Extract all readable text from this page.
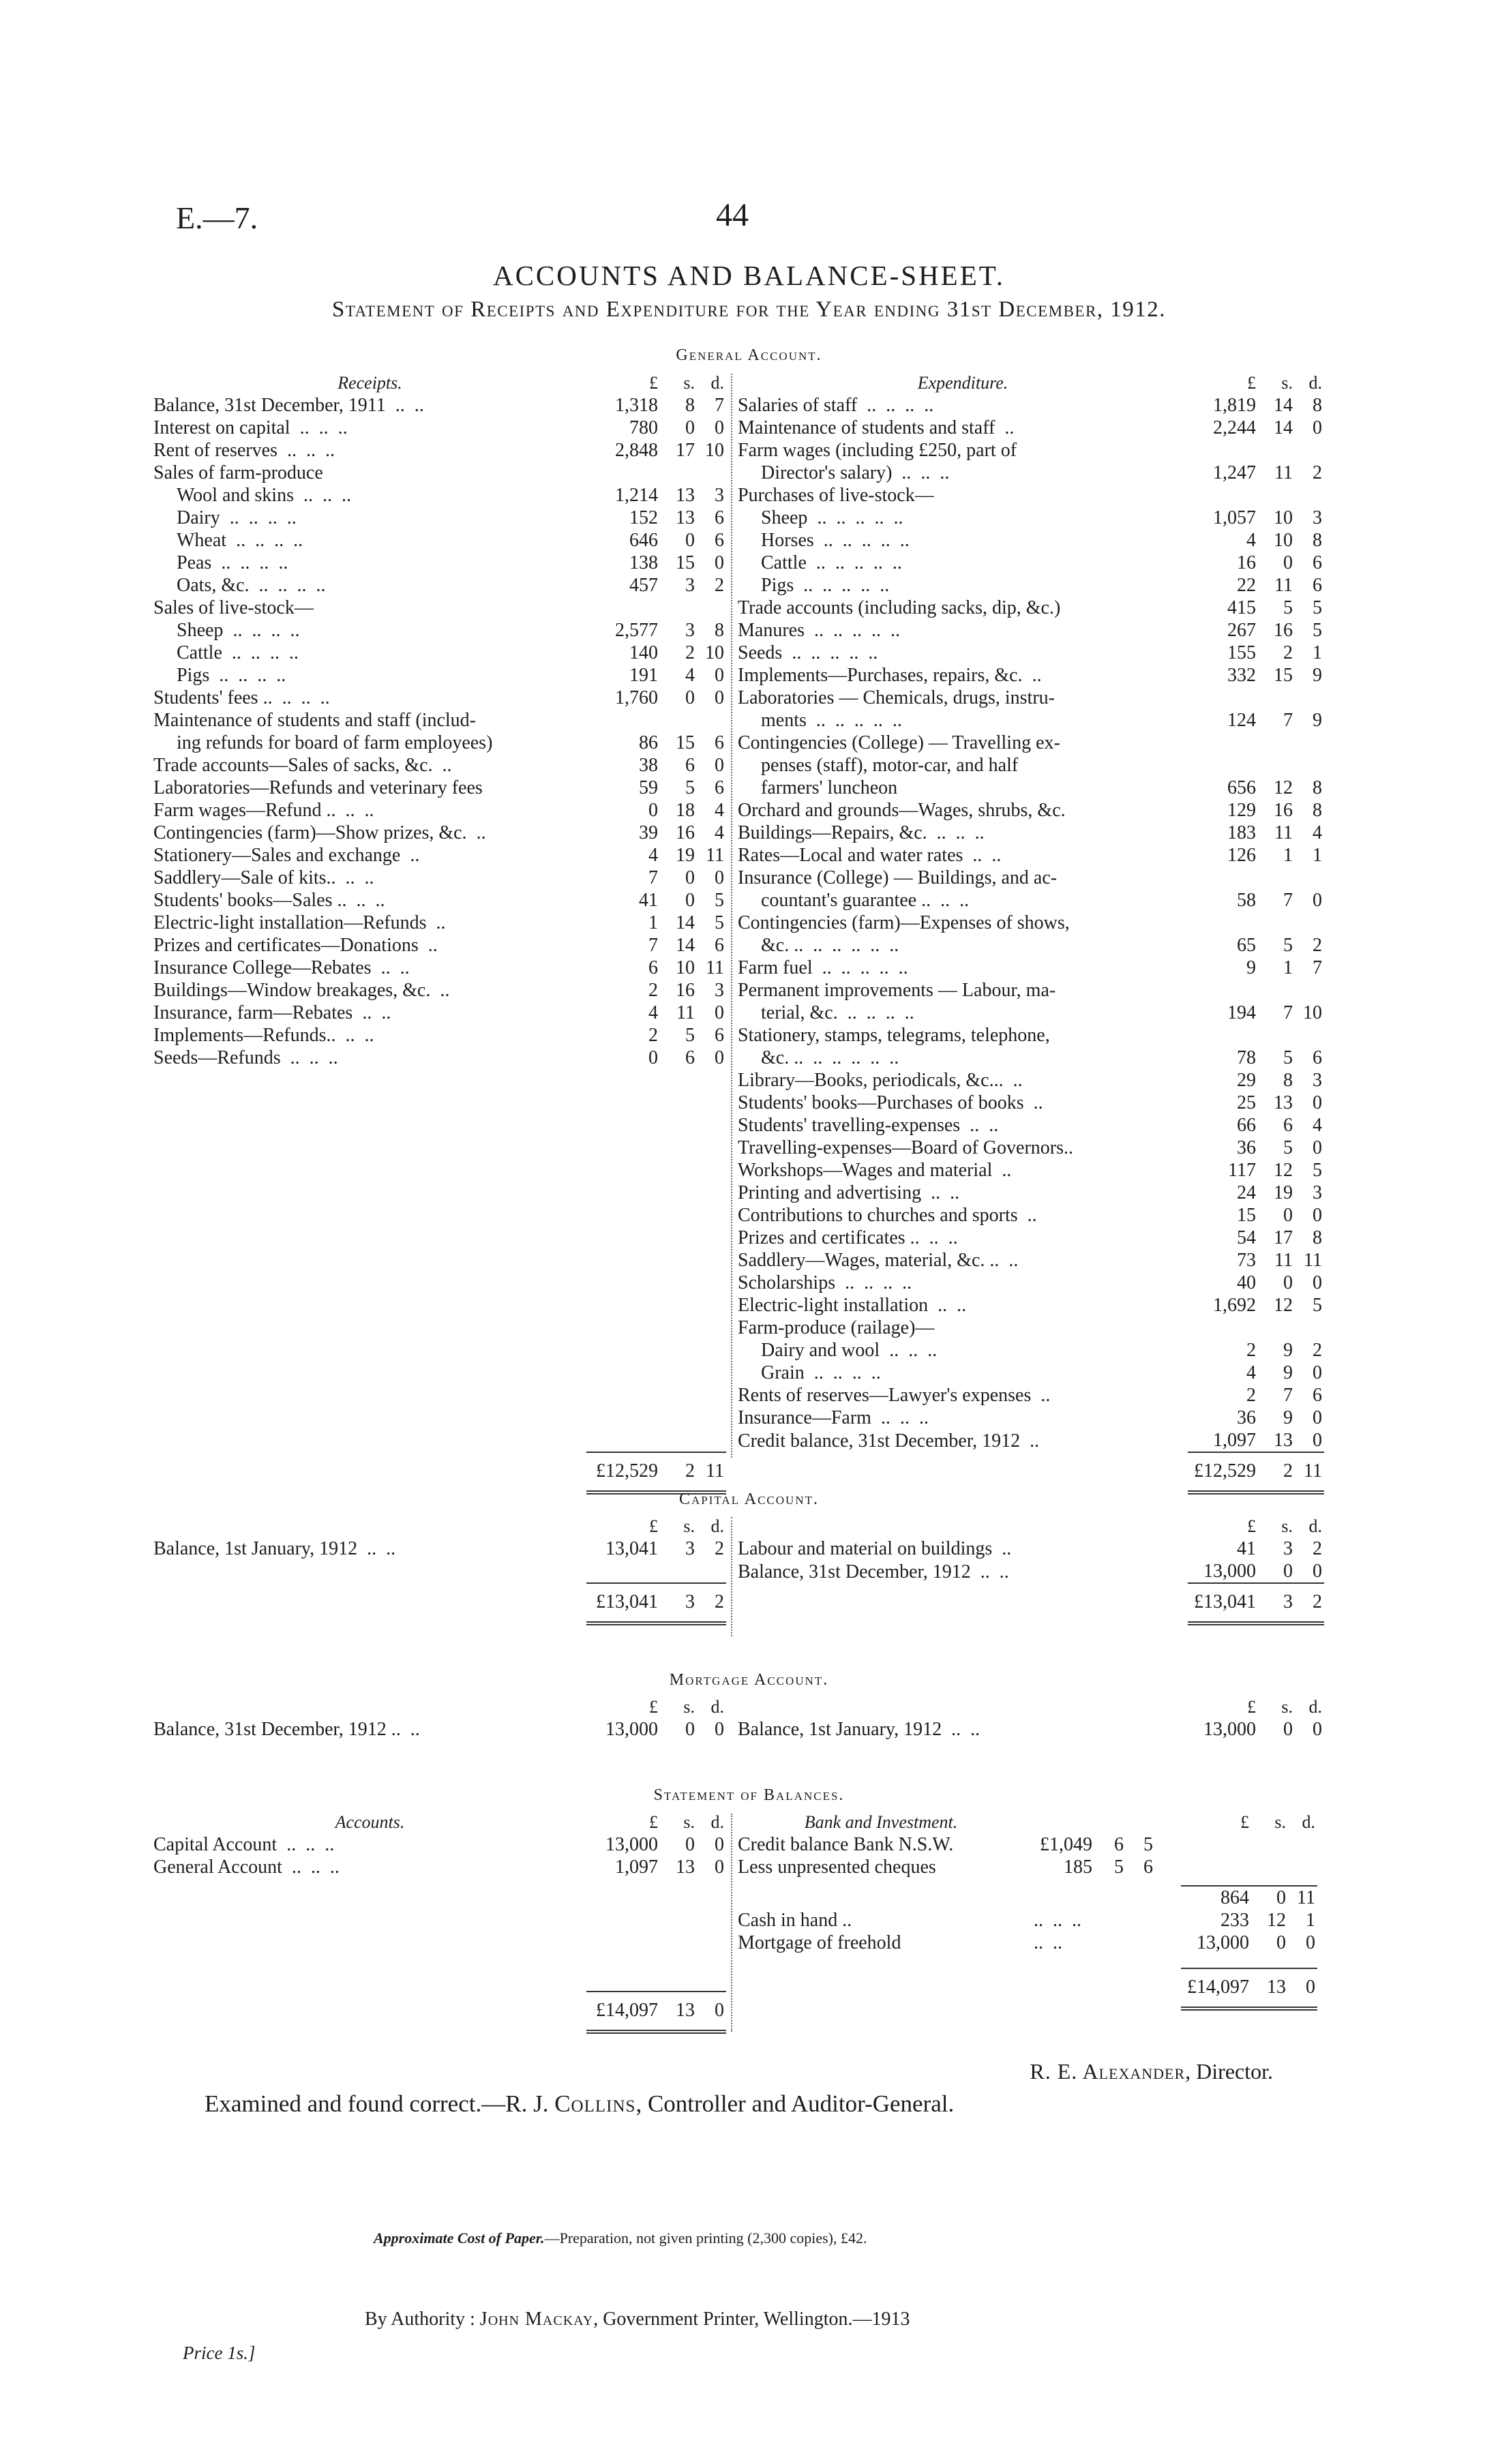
E.—7.	44
ACCOUNTS AND BALANCE-SHEET.
Statement of Receipts and Expenditure for the Year ending 31st December, 1912.
General Account.
Receipts.	£	s.	d.
Balance, 31st December, 1911  ..  ..	1,318	8	7
Interest on capital  ..  ..  ..	780	0	0
Rent of reserves  ..  ..  ..	2,848	17	10
Sales of farm-produce			
Wool and skins  ..  ..  ..	1,214	13	3
Dairy  ..  ..  ..  ..	152	13	6
Wheat  ..  ..  ..  ..	646	0	6
Peas  ..  ..  ..  ..	138	15	0
Oats, &c.  ..  ..  ..  ..	457	3	2
Sales of live-stock—			
Sheep  ..  ..  ..  ..	2,577	3	8
Cattle  ..  ..  ..  ..	140	2	10
Pigs  ..  ..  ..  ..	191	4	0
Students' fees ..  ..  ..  ..	1,760	0	0
Maintenance of students and staff (includ-			
ing refunds for board of farm employees)	86	15	6
Trade accounts—Sales of sacks, &c.  ..	38	6	0
Laboratories—Refunds and veterinary fees	59	5	6
Farm wages—Refund ..  ..  ..	0	18	4
Contingencies (farm)—Show prizes, &c.  ..	39	16	4
Stationery—Sales and exchange  ..	4	19	11
Saddlery—Sale of kits..  ..  ..	7	0	0
Students' books—Sales ..  ..  ..	41	0	5
Electric-light installation—Refunds  ..	1	14	5
Prizes and certificates—Donations  ..	7	14	6
Insurance College—Rebates  ..  ..	6	10	11
Buildings—Window breakages, &c.  ..	2	16	3
Insurance, farm—Rebates  ..  ..	4	11	0
Implements—Refunds..  ..  ..	2	5	6
Seeds—Refunds  ..  ..  ..	0	6	0

	£12,529	2	11

Expenditure.	£	s.	d.
Salaries of staff  ..  ..  ..  ..	1,819	14	8
Maintenance of students and staff  ..	2,244	14	0
Farm wages (including £250, part of			
Director's salary)  ..  ..  ..	1,247	11	2
Purchases of live-stock—			
Sheep  ..  ..  ..  ..  ..	1,057	10	3
Horses  ..  ..  ..  ..  ..	4	10	8
Cattle  ..  ..  ..  ..  ..	16	0	6
Pigs  ..  ..  ..  ..  ..	22	11	6
Trade accounts (including sacks, dip, &c.)	415	5	5
Manures  ..  ..  ..  ..  ..	267	16	5
Seeds  ..  ..  ..  ..  ..	155	2	1
Implements—Purchases, repairs, &c.  ..	332	15	9
Laboratories — Chemicals, drugs, instru-			
ments  ..  ..  ..  ..  ..	124	7	9
Contingencies (College) — Travelling ex-			
penses (staff), motor-car, and half			
farmers' luncheon	656	12	8
Orchard and grounds—Wages, shrubs, &c.	129	16	8
Buildings—Repairs, &c.  ..  ..  ..	183	11	4
Rates—Local and water rates  ..  ..	126	1	1
Insurance (College) — Buildings, and ac-			
countant's guarantee ..  ..  ..	58	7	0
Contingencies (farm)—Expenses of shows,			
&c. ..  ..  ..  ..  ..  ..	65	5	2
Farm fuel  ..  ..  ..  ..  ..	9	1	7
Permanent improvements — Labour, ma-			
terial, &c.  ..  ..  ..  ..	194	7	10
Stationery, stamps, telegrams, telephone,			
&c. ..  ..  ..  ..  ..  ..	78	5	6
Library—Books, periodicals, &c...  ..	29	8	3
Students' books—Purchases of books  ..	25	13	0
Students' travelling-expenses  ..  ..	66	6	4
Travelling-expenses—Board of Governors..	36	5	0
Workshops—Wages and material  ..	117	12	5
Printing and advertising  ..  ..	24	19	3
Contributions to churches and sports  ..	15	0	0
Prizes and certificates ..  ..  ..	54	17	8
Saddlery—Wages, material, &c. ..  ..	73	11	11
Scholarships  ..  ..  ..  ..	40	0	0
Electric-light installation  ..  ..	1,692	12	5
Farm-produce (railage)—			
Dairy and wool  ..  ..  ..	2	9	2
Grain  ..  ..  ..  ..	4	9	0
Rents of reserves—Lawyer's expenses  ..	2	7	6
Insurance—Farm  ..  ..  ..	36	9	0
Credit balance, 31st December, 1912  ..	1,097	13	0
	£12,529	2	11

Capital Account.
	£	s.	d.
Balance, 1st January, 1912  ..  ..	13,041	3	2

	£13,041	3	2

	£	s.	d.
Labour and material on buildings  ..	41	3	2
Balance, 31st December, 1912  ..  ..	13,000	0	0
	£13,041	3	2

Mortgage Account.
	£	s.	d.
Balance, 31st December, 1912 ..  ..	13,000	0	0
	£	s.	d.
Balance, 1st January, 1912  ..  ..	13,000	0	0
Statement of Balances.
Accounts.	£	s.	d.
Capital Account  ..  ..  ..	13,000	0	0
General Account  ..  ..  ..	1,097	13	0

	£14,097	13	0

Bank and Investment.					£	s.	d.
Credit balance Bank N.S.W.	£1,049	6	5				
Less unpresented cheques	185	5	6				

					864	0	11
Cash in hand ..	..  ..  ..				233	12	1
Mortgage of freehold	..  ..				13,000	0	0

					£14,097	13	0

R. E. Alexander, Director.
Examined and found correct.—R. J. Collins, Controller and Auditor-General.
Approximate Cost of Paper.—Preparation, not given printing (2,300 copies), £42.
By Authority : John Mackay, Government Printer, Wellington.—1913
Price 1s.]
